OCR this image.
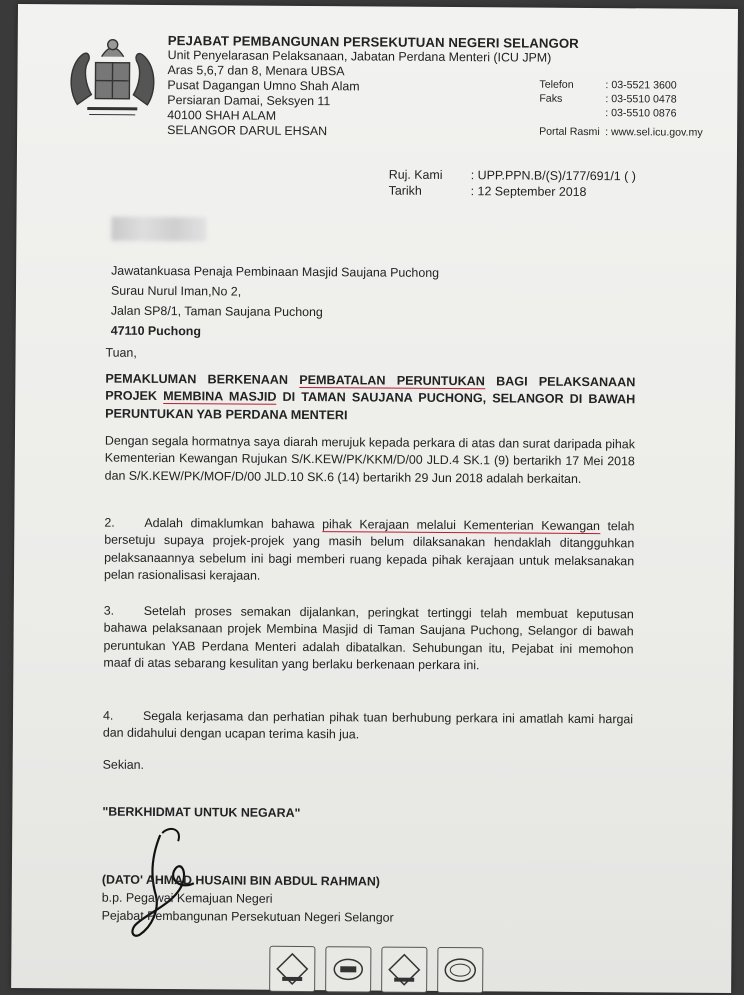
PEJABAT PEMBANGUNAN PERSEKUTUAN NEGERI SELANGOR
Unit Penyelarasan Pelaksanaan, Jabatan Perdana Menteri (ICU JPM)
Aras 5,6,7 dan 8, Menara UBSA
Pusat Dagangan Umno Shah Alam
Persiaran Damai, Seksyen 11
40100 SHAH ALAM
SELANGOR DARUL EHSAN
Telefon	: 03-5521 3600
Faks	: 03-5510 0478
: 03-5510 0876
Portal Rasmi : www.sel.icu.gov.my
Ruj. Kami	: UPP.PPN.B/(S)/177/691/1 ( )
Tarikh	: 12 September 2018
Jawatankuasa Penaja Pembinaan Masjid Saujana Puchong
Surau Nurul Iman,No 2,
Jalan SP8/1, Taman Saujana Puchong
47110 Puchong

Tuan,

PEMAKLUMAN BERKENAAN PEMBATALAN PERUNTUKAN BAGI PELAKSANAAN PROJEK MEMBINA MASJID DI TAMAN SAUJANA PUCHONG, SELANGOR DI BAWAH PERUNTUKAN YAB PERDANA MENTERI

Dengan segala hormatnya saya diarah merujuk kepada perkara di atas dan surat daripada pihak Kementerian Kewangan Rujukan S/K.KEW/PK/KKM/D/00 JLD.4 SK.1 (9) bertarikh 17 Mei 2018 dan S/K.KEW/PK/MOF/D/00 JLD.10 SK.6 (14) bertarikh 29 Jun 2018 adalah berkaitan.

2. Adalah dimaklumkan bahawa pihak Kerajaan melalui Kementerian Kewangan telah bersetuju supaya projek-projek yang masih belum dilaksanakan hendaklah ditangguhkan pelaksanaannya sebelum ini bagi memberi ruang kepada pihak kerajaan untuk melaksanakan pelan rasionalisasi kerajaan.

3. Setelah proses semakan dijalankan, peringkat tertinggi telah membuat keputusan bahawa pelaksanaan projek Membina Masjid di Taman Saujana Puchong, Selangor di bawah peruntukan YAB Perdana Menteri adalah dibatalkan. Sehubungan itu, Pejabat ini memohon maaf di atas sebarang kesulitan yang berlaku berkenaan perkara ini.

4. Segala kerjasama dan perhatian pihak tuan berhubung perkara ini amatlah kami hargai dan didahului dengan ucapan terima kasih jua.

Sekian.

"BERKHIDMAT UNTUK NEGARA"
(DATO' AHMAD HUSAINI BIN ABDUL RAHMAN)
b.p. Pegawai Kemajuan Negeri
Pejabat Pembangunan Persekutuan Negeri Selangor
